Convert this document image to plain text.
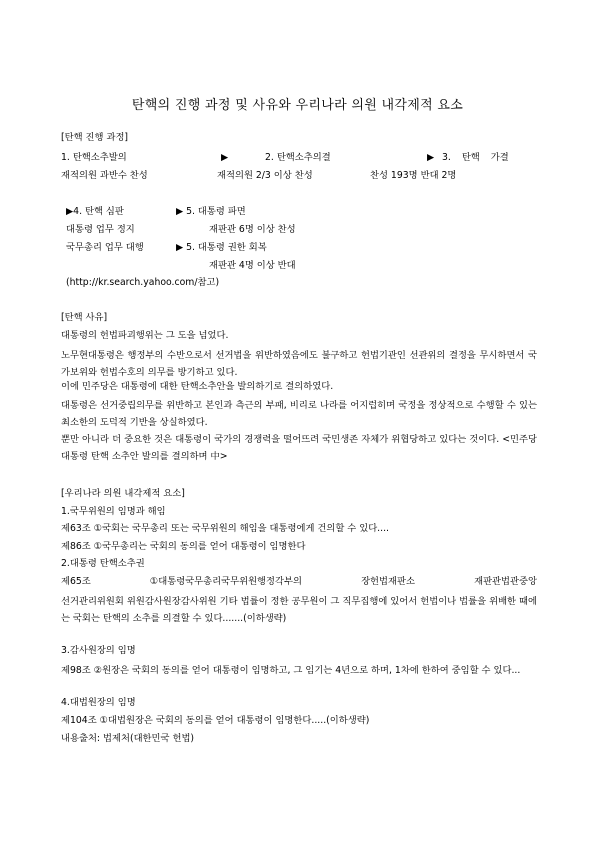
탄핵의 진행 과정 및 사유와 우리나라 의원 내각제적 요소
[탄핵 진행 과정]
1. 탄핵소추발의	▶	2. 탄핵소추의결	▶ 3. 탄핵 가결
재적의원 과반수 찬성	재적의원 2/3 이상 찬성	찬성 193명 반대 2명
▶4. 탄핵 심판	▶ 5. 대통령 파면
대통령 업무 정지	재판관 6명 이상 찬성
국무총리 업무 대행	▶ 5. 대통령 권한 회복
재판관 4명 이상 반대
(http://kr.search.yahoo.com/참고)
[탄핵 사유]
대통령의 헌법파괴행위는 그 도을 넘었다.
노무현대통령은 행정부의 수반으로서 선거법을 위반하였음에도 불구하고 헌법기관인 선관위의 결정을 무시하면서 국가보위와 헌법수호의 의무를 방기하고 있다.
이에 민주당은 대통령에 대한 탄핵소추안을 발의하기로 결의하였다.
대통령은 선거중립의무를 위반하고 본인과 측근의 부패, 비리로 나라를 어지럽히며 국정을 정상적으로 수행할 수 있는 최소한의 도덕적 기반을 상실하였다.
뿐만 아니라 더 중요한 것은 대통령이 국가의 경쟁력을 떨어뜨려 국민생존 자체가 위협당하고 있다는 것이다. <민주당 대통령 탄핵 소추안 발의를 결의하며 中>
[우리나라 의원 내각제적 요소]
1.국무위원의 임명과 해임
제63조 ①국회는 국무총리 또는 국무위원의 해임을 대통령에게 건의할 수 있다....
제86조 ①국무총리는 국회의 동의를 얻어 대통령이 임명한다
2.대통령 탄핵소추권
제65조	①대통령국무총리국무위원행정각부의	장헌법재판소	재판관법관중앙
선거관리위원회 위원감사원장감사위원 기타 법률이 정한 공무원이 그 직무집행에 있어서 헌법이나 법률을 위배한 때에는 국회는 탄핵의 소추를 의결할 수 있다.......(이하생략)
3.감사원장의 임명
제98조 ②원장은 국회의 동의를 얻어 대통령이 임명하고, 그 임기는 4년으로 하며, 1차에 한하여 중임할 수 있다...
4.대법원장의 임명
제104조 ①대법원장은 국회의 동의를 얻어 대통령이 임명한다.....(이하생략)
내용출처: 법제처(대한민국 헌법)
